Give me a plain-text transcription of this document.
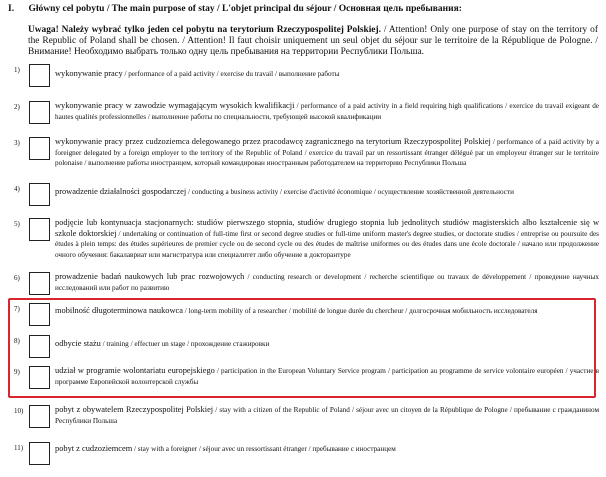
I. Główny cel pobytu / The main purpose of stay / L'objet principal du séjour / Основная цель пребывания:
Uwaga! Należy wybrać tylko jeden cel pobytu na terytorium Rzeczypospolitej Polskiej. / Attention! Only one purpose of stay on the territory of the Republic of Poland shall be chosen. / Attention! Il faut choisir uniquement un seul objet du séjour sur le territoire de la République de Pologne. / Внимание! Необходимо выбрать только одну цель пребывания на территории Республики Польша.
1)	wykonywanie pracy / performance of a paid activity / exercise du travail / выполнение работы
2)	wykonywanie pracy w zawodzie wymagającym wysokich kwalifikacji / performance of a paid activity in a field requiring high qualifications / exercice du travail exigeant de hautes qualités professionnelles / выполнение работы по специальности, требующей высокой квалификации
3)	wykonywanie pracy przez cudzoziemca delegowanego przez pracodawcę zagranicznego na terytorium Rzeczypospolitej Polskiej / performance of a paid activity by a foreigner delegated by a foreign employer to the territory of the Republic of Poland / exercice du travail par un ressortissant étranger délégué par un employeur étranger sur le territoire polonaise / выполнение работы иностранцем, который командирован иностранным работодателем на территорию Республики Польша
4)	prowadzenie działalności gospodarczej / conducting a business activity / exercise d'activité économique / осуществление хозяйственной деятельности
5)	podjęcie lub kontynuacja stacjonarnych: studiów pierwszego stopnia, studiów drugiego stopnia lub jednolitych studiów magisterskich albo kształcenie się w szkole doktorskiej / undertaking or continuation of full-time first or second degree studies or full-time uniform master's degree studies, or doctorate studies / entreprise ou poursuite des études à plein temps: des études supérieures de premier cycle ou de second cycle ou des études de maîtrise uniformes ou des études dans une école doctorale / начало или продолжение очного обучения: бакалавриат или магистратура или специалитет либо обучение в докторантуре
6)	prowadzenie badań naukowych lub prac rozwojowych / conducting research or development / recherche scientifique ou travaux de développement / проведение научных исследований или работ по развитию
7)	mobilność długoterminowa naukowca / long-term mobility of a researcher / mobilité de longue durée du chercheur / долгосрочная мобильность исследователя
8)	odbycie stażu / training / effectuer un stage / прохождение стажировки
9)	udział w programie wolontariatu europejskiego / participation in the European Voluntary Service program / participation au programme de service volontaire européen / участие в программе Европейской волонтерской службы
10)	pobyt z obywatelem Rzeczypospolitej Polskiej / stay with a citizen of the Republic of Poland / séjour avec un citoyen de la République de Pologne / пребывание с гражданином Республики Польша
11)	pobyt z cudzoziemcem / stay with a foreigner / séjour avec un ressortissant étranger / пребывание с иностранцем
